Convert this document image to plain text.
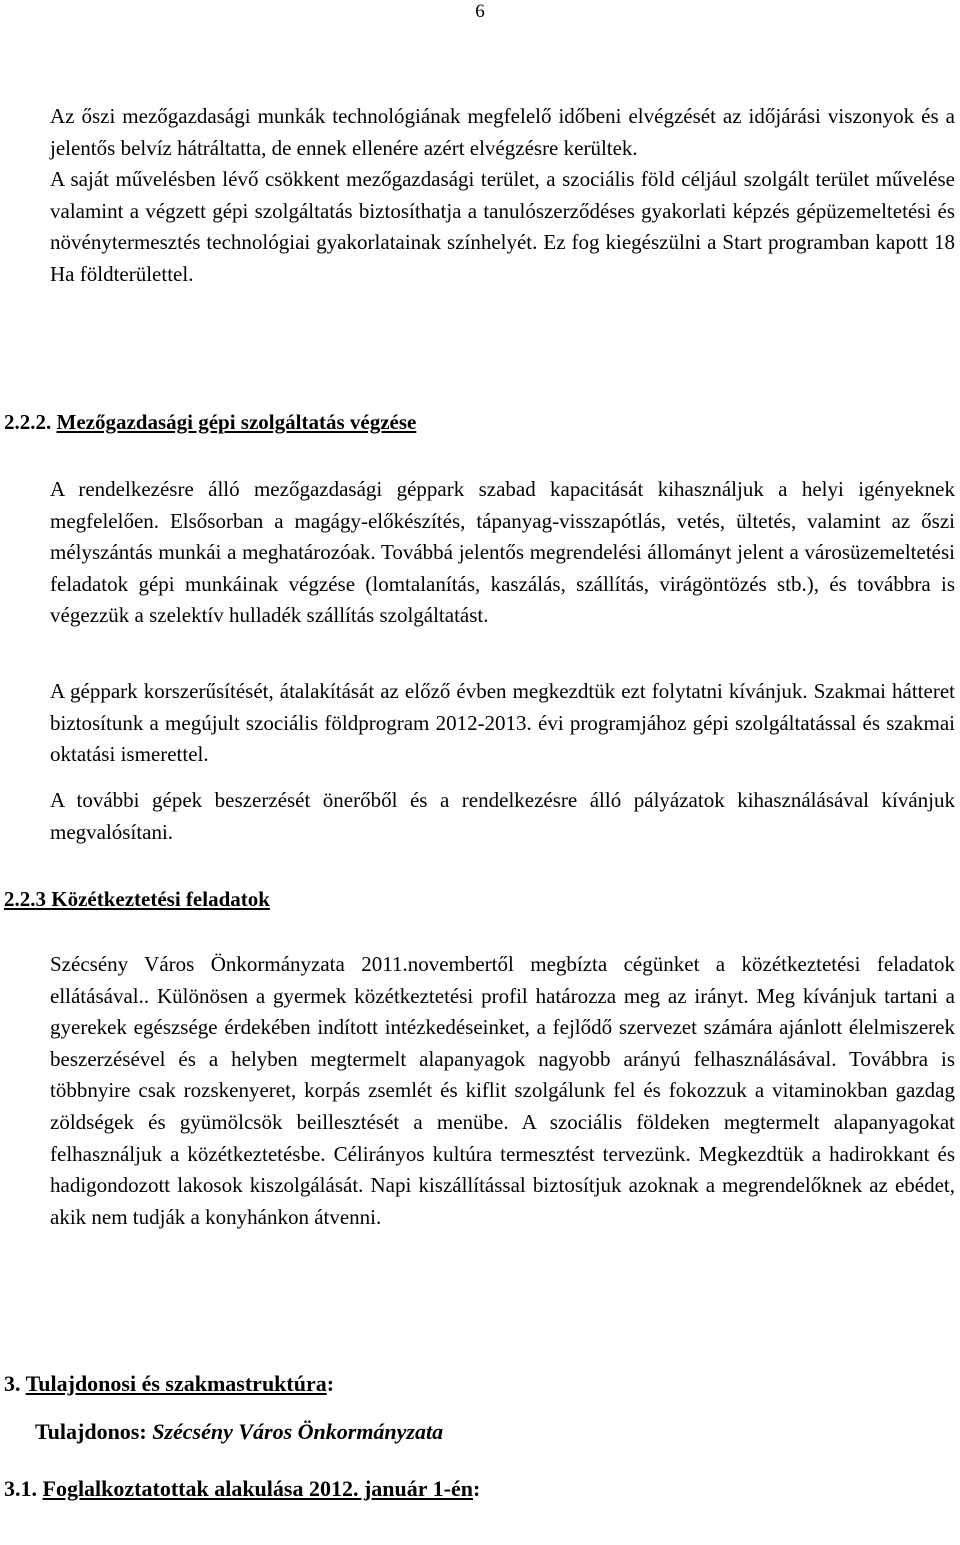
6

Az őszi mezőgazdasági munkák technológiának megfelelő időbeni elvégzését az időjárási viszonyok és a jelentős belvíz hátráltatta, de ennek ellenére azért elvégzésre kerültek.

A saját művelésben lévő csökkent mezőgazdasági terület, a szociális föld céljául szolgált terület művelése valamint a végzett gépi szolgáltatás biztosíthatja a tanulószerződéses gyakorlati képzés gépüzemeltetési és növénytermesztés technológiai gyakorlatainak színhelyét. Ez fog kiegészülni a Start programban kapott 18 Ha földterülettel.

2.2.2. Mezőgazdasági gépi szolgáltatás végzése
A rendelkezésre álló mezőgazdasági géppark szabad kapacitását kihasználjuk a helyi igényeknek megfelelően. Elsősorban a magágy-előkészítés, tápanyag-visszapótlás, vetés, ültetés, valamint az őszi mélyszántás munkái a meghatározóak. Továbbá jelentős megrendelési állományt jelent a városüzemeltetési feladatok gépi munkáinak végzése (lomtalanítás, kaszálás, szállítás, virágöntözés stb.), és továbbra is végezzük a szelektív hulladék szállítás szolgáltatást.
A géppark korszerűsítését, átalakítását az előző évben megkezdtük ezt folytatni kívánjuk. Szakmai hátteret biztosítunk a megújult szociális földprogram 2012-2013. évi programjához gépi szolgáltatással és szakmai oktatási ismerettel.
A további gépek beszerzését önerőből és a rendelkezésre álló pályázatok kihasználásával kívánjuk megvalósítani.
2.2.3 Közétkeztetési feladatok
Szécsény Város Önkormányzata 2011.novembertől megbízta cégünket a közétkeztetési feladatok ellátásával.. Különösen a gyermek közétkeztetési profil határozza meg az irányt. Meg kívánjuk tartani a gyerekek egészsége érdekében indított intézkedéseinket, a fejlődő szervezet számára ajánlott élelmiszerek beszerzésével és a helyben megtermelt alapanyagok nagyobb arányú felhasználásával. Továbbra is többnyire csak rozskenyeret, korpás zsemlét és kiflit szolgálunk fel és fokozzuk a vitaminokban gazdag zöldségek és gyümölcsök beillesztését a menübe. A szociális földeken megtermelt alapanyagokat felhasználjuk a közétkeztetésbe. Célirányos kultúra termesztést tervezünk. Megkezdtük a hadirokkant és hadigondozott lakosok kiszolgálását. Napi kiszállítással biztosítjuk azoknak a megrendelőknek az ebédet, akik nem tudják a konyhánkon átvenni.
3. Tulajdonosi és szakmastruktúra:
Tulajdonos: Szécsény Város Önkormányzata
3.1. Foglalkoztatottak alakulása 2012. január 1-én:
